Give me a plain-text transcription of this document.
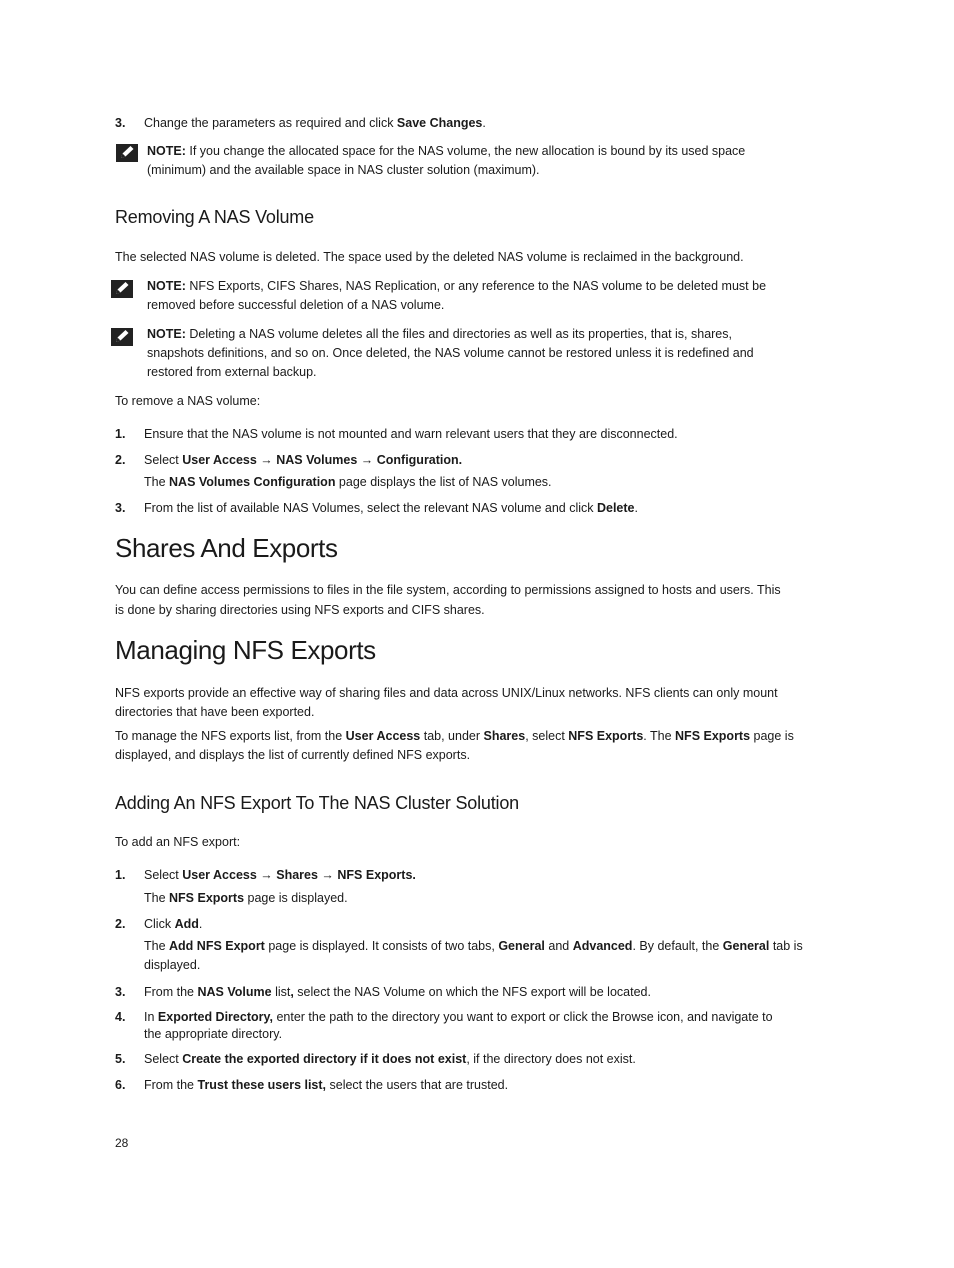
3. Change the parameters as required and click Save Changes.
NOTE: If you change the allocated space for the NAS volume, the new allocation is bound by its used space
(minimum) and the available space in NAS cluster solution (maximum).
Removing A NAS Volume
The selected NAS volume is deleted. The space used by the deleted NAS volume is reclaimed in the background.
NOTE: NFS Exports, CIFS Shares, NAS Replication, or any reference to the NAS volume to be deleted must be
removed before successful deletion of a NAS volume.
NOTE: Deleting a NAS volume deletes all the files and directories as well as its properties, that is, shares,
snapshots definitions, and so on. Once deleted, the NAS volume cannot be restored unless it is redefined and
restored from external backup.
To remove a NAS volume:
1. Ensure that the NAS volume is not mounted and warn relevant users that they are disconnected.
2. Select User Access → NAS Volumes → Configuration.
The NAS Volumes Configuration page displays the list of NAS volumes.
3. From the list of available NAS Volumes, select the relevant NAS volume and click Delete.
Shares And Exports
You can define access permissions to files in the file system, according to permissions assigned to hosts and users. This
is done by sharing directories using NFS exports and CIFS shares.
Managing NFS Exports
NFS exports provide an effective way of sharing files and data across UNIX/Linux networks. NFS clients can only mount
directories that have been exported.
To manage the NFS exports list, from the User Access tab, under Shares, select NFS Exports. The NFS Exports page is
displayed, and displays the list of currently defined NFS exports.
Adding An NFS Export To The NAS Cluster Solution
To add an NFS export:
1. Select User Access → Shares → NFS Exports.
The NFS Exports page is displayed.
2. Click Add.
The Add NFS Export page is displayed. It consists of two tabs, General and Advanced. By default, the General tab is
displayed.
3. From the NAS Volume list, select the NAS Volume on which the NFS export will be located.
4. In Exported Directory, enter the path to the directory you want to export or click the Browse icon, and navigate to
the appropriate directory.
5. Select Create the exported directory if it does not exist, if the directory does not exist.
6. From the Trust these users list, select the users that are trusted.
28
